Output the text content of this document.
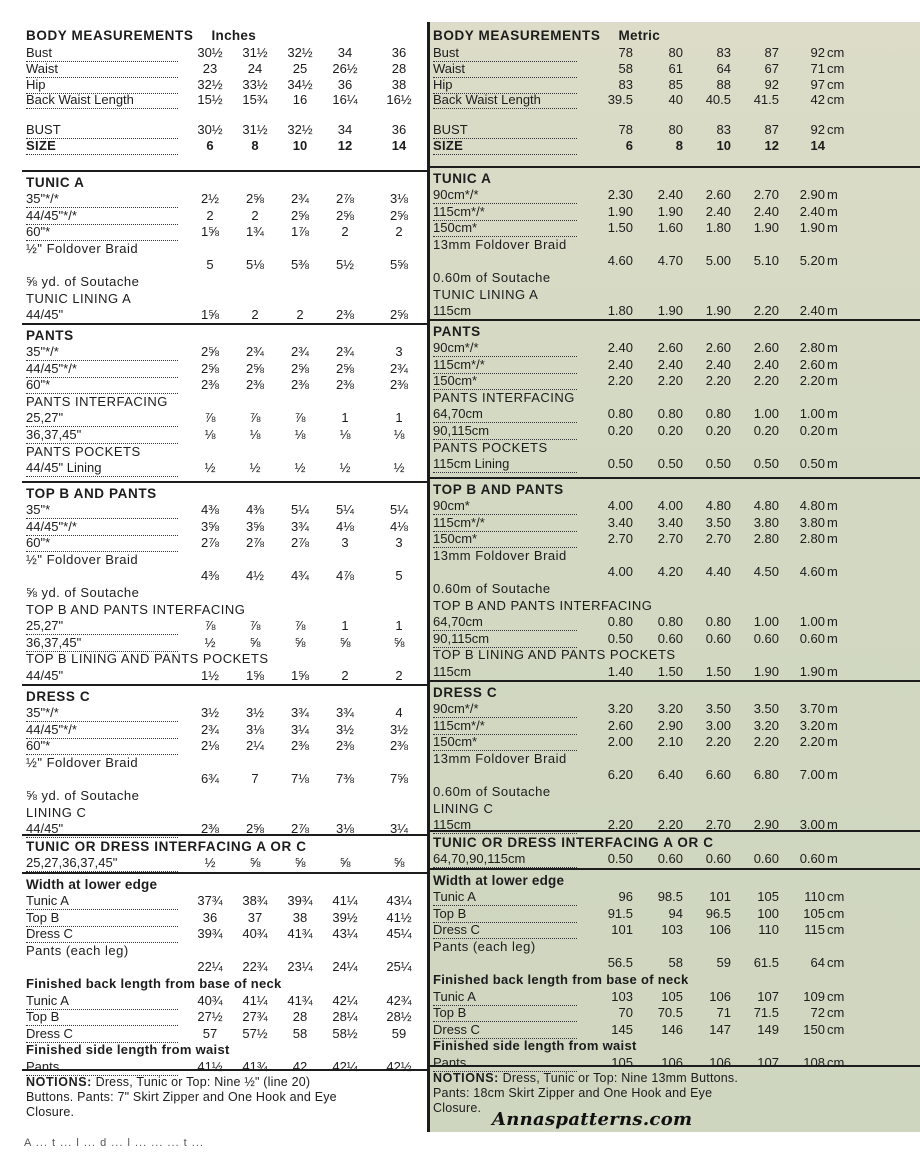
BODY MEASUREMENTS Inches
Bust	30½	31½	32½	34	36
Waist	23	24	25	26½	28
Hip	32½	33½	34½	36	38
Back Waist Length	15½	15¾	16	16¼	16½
BUST	30½	31½	32½	34	36
SIZE	6	8	10	12	14
TUNIC A
35"*/*	2½	2⅝	2¾	2⅞	3⅛
44/45"*/*	2	2	2⅝	2⅝	2⅝
60"*	1⅝	1¾	1⅞	2	2
½" Foldover Braid
5	5⅛	5⅜	5½	5⅝
⅝ yd. of Soutache
TUNIC LINING A
44/45"	1⅝	2	2	2⅜	2⅝
PANTS
35"*/*	2⅝	2¾	2¾	2¾	3
44/45"*/*	2⅝	2⅝	2⅝	2⅝	2¾
60"*	2⅜	2⅜	2⅜	2⅜	2⅜
PANTS INTERFACING
25,27"	⅞	⅞	⅞	1	1
36,37,45"	⅛	⅛	⅛	⅛	⅛
PANTS POCKETS
44/45" Lining	½	½	½	½	½
TOP B AND PANTS
35"*	4⅜	4⅜	5¼	5¼	5¼
44/45"*/*	3⅝	3⅝	3¾	4⅛	4⅛
60"*	2⅞	2⅞	2⅞	3	3
½" Foldover Braid
4⅜	4½	4¾	4⅞	5
⅝ yd. of Soutache
TOP B AND PANTS INTERFACING
25,27"	⅞	⅞	⅞	1	1
36,37,45"	½	⅝	⅝	⅝	⅝
TOP B LINING AND PANTS POCKETS
44/45"	1½	1⅝	1⅝	2	2
DRESS C
35"*/*	3½	3½	3¾	3¾	4
44/45"*/*	2¾	3⅛	3¼	3½	3½
60"*	2⅛	2¼	2⅜	2⅜	2⅜
½" Foldover Braid
6¾	7	7⅛	7⅜	7⅝
⅝ yd. of Soutache
LINING C
44/45"	2⅜	2⅝	2⅞	3⅛	3¼
TUNIC OR DRESS INTERFACING A OR C
25,27,36,37,45"	½	⅝	⅝	⅝	⅝
Width at lower edge
Tunic A	37¾	38¾	39¾	41¼	43¼
Top B	36	37	38	39½	41½
Dress C	39¾	40¾	41¾	43¼	45¼
Pants (each leg)
22¼	22¾	23¼	24¼	25¼
Finished back length from base of neck
Tunic A	40¾	41¼	41¾	42¼	42¾
Top B	27½	27¾	28	28¼	28½
Dress C	57	57½	58	58½	59
Finished side length from waist
Pants	41½	41¾	42	42¼	42½
NOTIONS: Dress, Tunic or Top: Nine ½" (line 20)
Buttons. Pants: 7" Skirt Zipper and One Hook and Eye
Closure.
BODY MEASUREMENTS Metric
Bust	78	80	83	87	92 cm
Waist	58	61	64	67	71 cm
Hip	83	85	88	92	97 cm
Back Waist Length	39.5	40	40.5	41.5	42 cm
BUST	78	80	83	87	92 cm
SIZE	6	8	10	12	14
TUNIC A
90cm*/*	2.30	2.40	2.60	2.70	2.90 m
115cm*/*	1.90	1.90	2.40	2.40	2.40 m
150cm*	1.50	1.60	1.80	1.90	1.90 m
13mm Foldover Braid
4.60	4.70	5.00	5.10	5.20 m
0.60m of Soutache
TUNIC LINING A
115cm	1.80	1.90	1.90	2.20	2.40 m
PANTS
90cm*/*	2.40	2.60	2.60	2.60	2.80 m
115cm*/*	2.40	2.40	2.40	2.40	2.60 m
150cm*	2.20	2.20	2.20	2.20	2.20 m
PANTS INTERFACING
64,70cm	0.80	0.80	0.80	1.00	1.00 m
90,115cm	0.20	0.20	0.20	0.20	0.20 m
PANTS POCKETS
115cm Lining	0.50	0.50	0.50	0.50	0.50 m
TOP B AND PANTS
90cm*	4.00	4.00	4.80	4.80	4.80 m
115cm*/*	3.40	3.40	3.50	3.80	3.80 m
150cm*	2.70	2.70	2.70	2.80	2.80 m
13mm Foldover Braid
4.00	4.20	4.40	4.50	4.60 m
0.60m of Soutache
TOP B AND PANTS INTERFACING
64,70cm	0.80	0.80	0.80	1.00	1.00 m
90,115cm	0.50	0.60	0.60	0.60	0.60 m
TOP B LINING AND PANTS POCKETS
115cm	1.40	1.50	1.50	1.90	1.90 m
DRESS C
90cm*/*	3.20	3.20	3.50	3.50	3.70 m
115cm*/*	2.60	2.90	3.00	3.20	3.20 m
150cm*	2.00	2.10	2.20	2.20	2.20 m
13mm Foldover Braid
6.20	6.40	6.60	6.80	7.00 m
0.60m of Soutache
LINING C
115cm	2.20	2.20	2.70	2.90	3.00 m
TUNIC OR DRESS INTERFACING A OR C
64,70,90,115cm	0.50	0.60	0.60	0.60	0.60 m
Width at lower edge
Tunic A	96	98.5	101	105	110 cm
Top B	91.5	94	96.5	100	105 cm
Dress C	101	103	106	110	115 cm
Pants (each leg)
56.5	58	59	61.5	64 cm
Finished back length from base of neck
Tunic A	103	105	106	107	109 cm
Top B	70	70.5	71	71.5	72 cm
Dress C	145	146	147	149	150 cm
Finished side length from waist
Pants	105	106	106	107	108 cm
NOTIONS: Dress, Tunic or Top: Nine 13mm Buttons.
Pants: 18cm Skirt Zipper and One Hook and Eye
Closure.
Annaspatterns.com
A ... t ... l ... d ... l ... ... ... t ...
